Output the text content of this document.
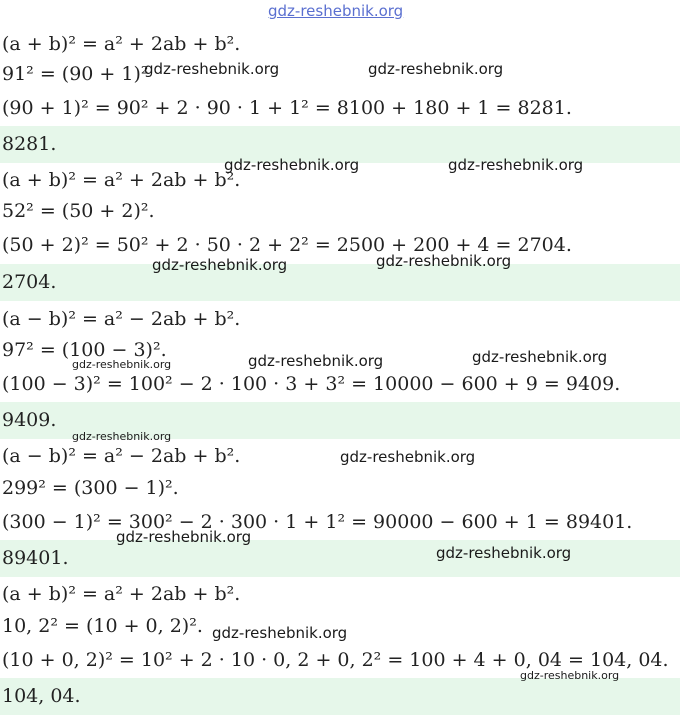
gdz-reshebnik.org
(a + b)² = a² + 2ab + b².
91² = (90 + 1)²
(90 + 1)² = 90² + 2 · 90 · 1 + 1² = 8100 + 180 + 1 = 8281.
8281.
(a + b)² = a² + 2ab + b².
52² = (50 + 2)².
(50 + 2)² = 50² + 2 · 50 · 2 + 2² = 2500 + 200 + 4 = 2704.
2704.
(a − b)² = a² − 2ab + b².
97² = (100 − 3)².
(100 − 3)² = 100² − 2 · 100 · 3 + 3² = 10000 − 600 + 9 = 9409.
9409.
(a − b)² = a² − 2ab + b².
299² = (300 − 1)².
(300 − 1)² = 300² − 2 · 300 · 1 + 1² = 90000 − 600 + 1 = 89401.
89401.
(a + b)² = a² + 2ab + b².
10, 2² = (10 + 0, 2)².
(10 + 0, 2)² = 10² + 2 · 10 · 0, 2 + 0, 2² = 100 + 4 + 0, 04 = 104, 04.
104, 04.
gdz-reshebnik.org	gdz-reshebnik.org
gdz-reshebnik.org	gdz-reshebnik.org
gdz-reshebnik.org	gdz-reshebnik.org
gdz-reshebnik.org	gdz-reshebnik.org	gdz-reshebnik.org
gdz-reshebnik.org
gdz-reshebnik.org
gdz-reshebnik.org
gdz-reshebnik.org
gdz-reshebnik.org
gdz-reshebnik.org
